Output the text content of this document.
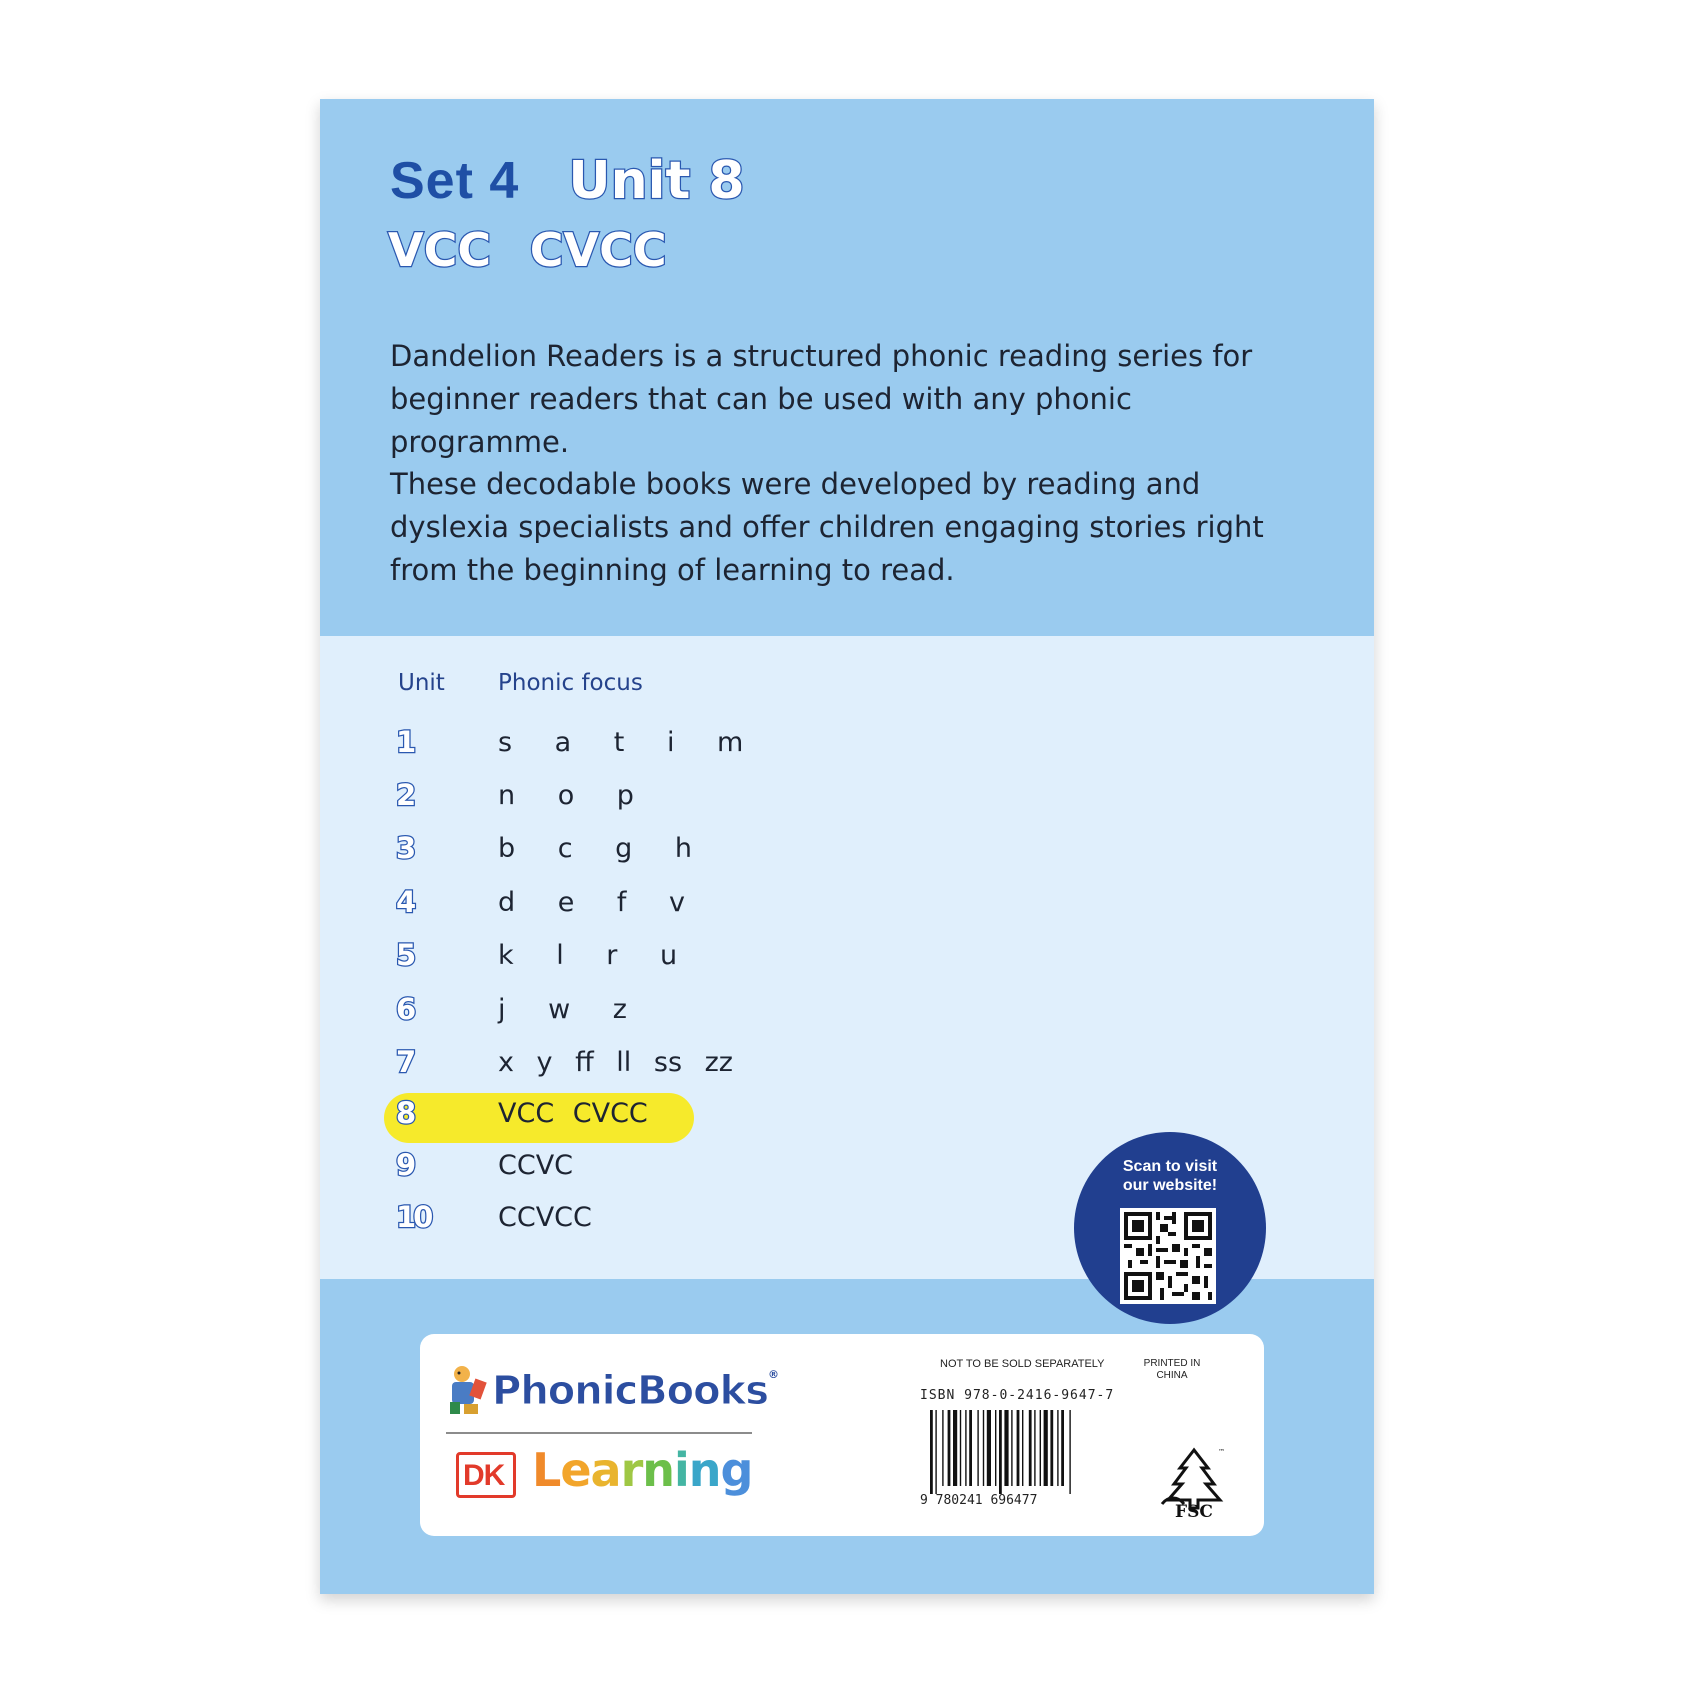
Set 4 Unit 8
VCC CVCC
Dandelion Readers is a structured phonic reading series for beginner readers that can be used with any phonic programme.
These decodable books were developed by reading and dyslexia specialists and offer children engaging stories right from the beginning of learning to read.
Unit Phonic focus
1	s a t i m
2	n o p
3	b c g h
4	d e f v
5	k l r u
6	j w z
7	x y ff ll ss zz
8	VCC CVCC
9	CCVC
10	CCVCC
Scan to visit
our website!
PhonicBooks®
DK Learning
NOT TO BE SOLD SEPARATELY	PRINTED IN
CHINA
ISBN 978-0-2416-9647-7
9 780241 696477
™
FSC
